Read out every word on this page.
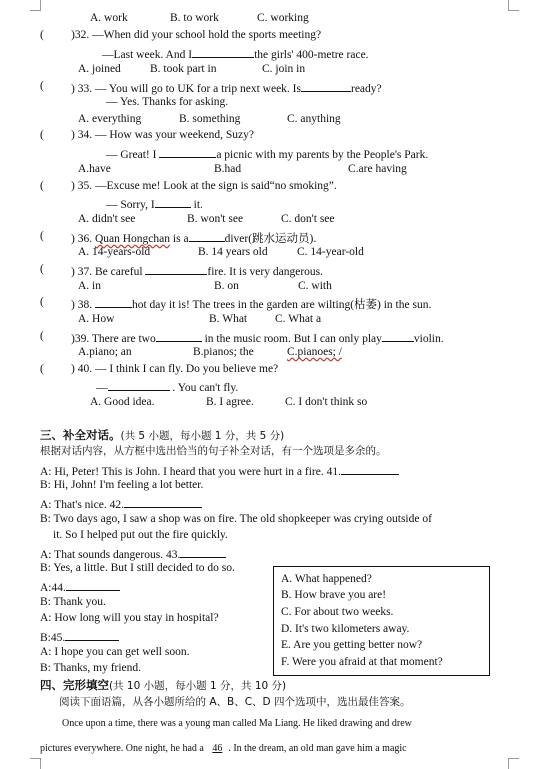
A. work	B. to work	C. working
( )32. —When did your school hold the sports meeting?
—Last week. And I	the girls' 400-metre race.
A. joined	B. took part in	C. join in
( ) 33. — You will go to UK for a trip next week. Is	ready?
— Yes. Thanks for asking.
A. everything	B. something	C. anything
( ) 34. — How was your weekend, Suzy?
— Great! I	a picnic with my parents by the People's Park.
A.have	B.had	C.are having
( ) 35. —Excuse me! Look at the sign is said“no smoking”.
— Sorry, I	it.
A. didn't see	B. won't see	C. don't see
( ) 36. Quan Hongchan is a	diver(跳水运动员).
A. 14-years-old	B. 14 years old	C. 14-year-old
( ) 37. Be careful	fire. It is very dangerous.
A. in	B. on	C. with
( ) 38.	hot day it is! The trees in the garden are wilting(枯萎) in the sun.
A. How	B. What C. What a
( )39. There are two	in the music room. But I can only play	violin.
A.piano; an	B.pianos; the	C.pianoes; /
( ) 40. — I think I can fly. Do you believe me?
—	. You can't fly.
A. Good idea.	B. I agree.	C. I don't think so
三、补全对话。(共 5 小题，每小题 1 分，共 5 分)
根据对话内容，从方框中选出恰当的句子补全对话，有一个选项是多余的。
A: Hi, Peter! This is John. I heard that you were hurt in a fire. 41.
B: Hi, John! I'm feeling a lot better.
A: That's nice. 42.
B: Two days ago, I saw a shop was on fire. The old shopkeeper was crying outside of
it. So I helped put out the fire quickly.
A: That sounds dangerous. 43.
B: Yes, a little. But I still decided to do so.
A:44.
B: Thank you.
A: How long will you stay in hospital?
B:45.
A: I hope you can get well soon.
B: Thanks, my friend.
A. What happened?
B. How brave you are!
C. For about two weeks.
D. It's two kilometers away.
E. Are you getting better now?
F. Were you afraid at that moment?
四、完形填空(共 10 小题，每小题 1 分，共 10 分)
阅读下面语篇，从各小题所给的 A、B、C、D 四个选项中，选出最佳答案。
Once upon a time, there was a young man called Ma Liang. He liked drawing and drew
pictures everywhere. One night, he had a 46 . In the dream, an old man gave him a magic
